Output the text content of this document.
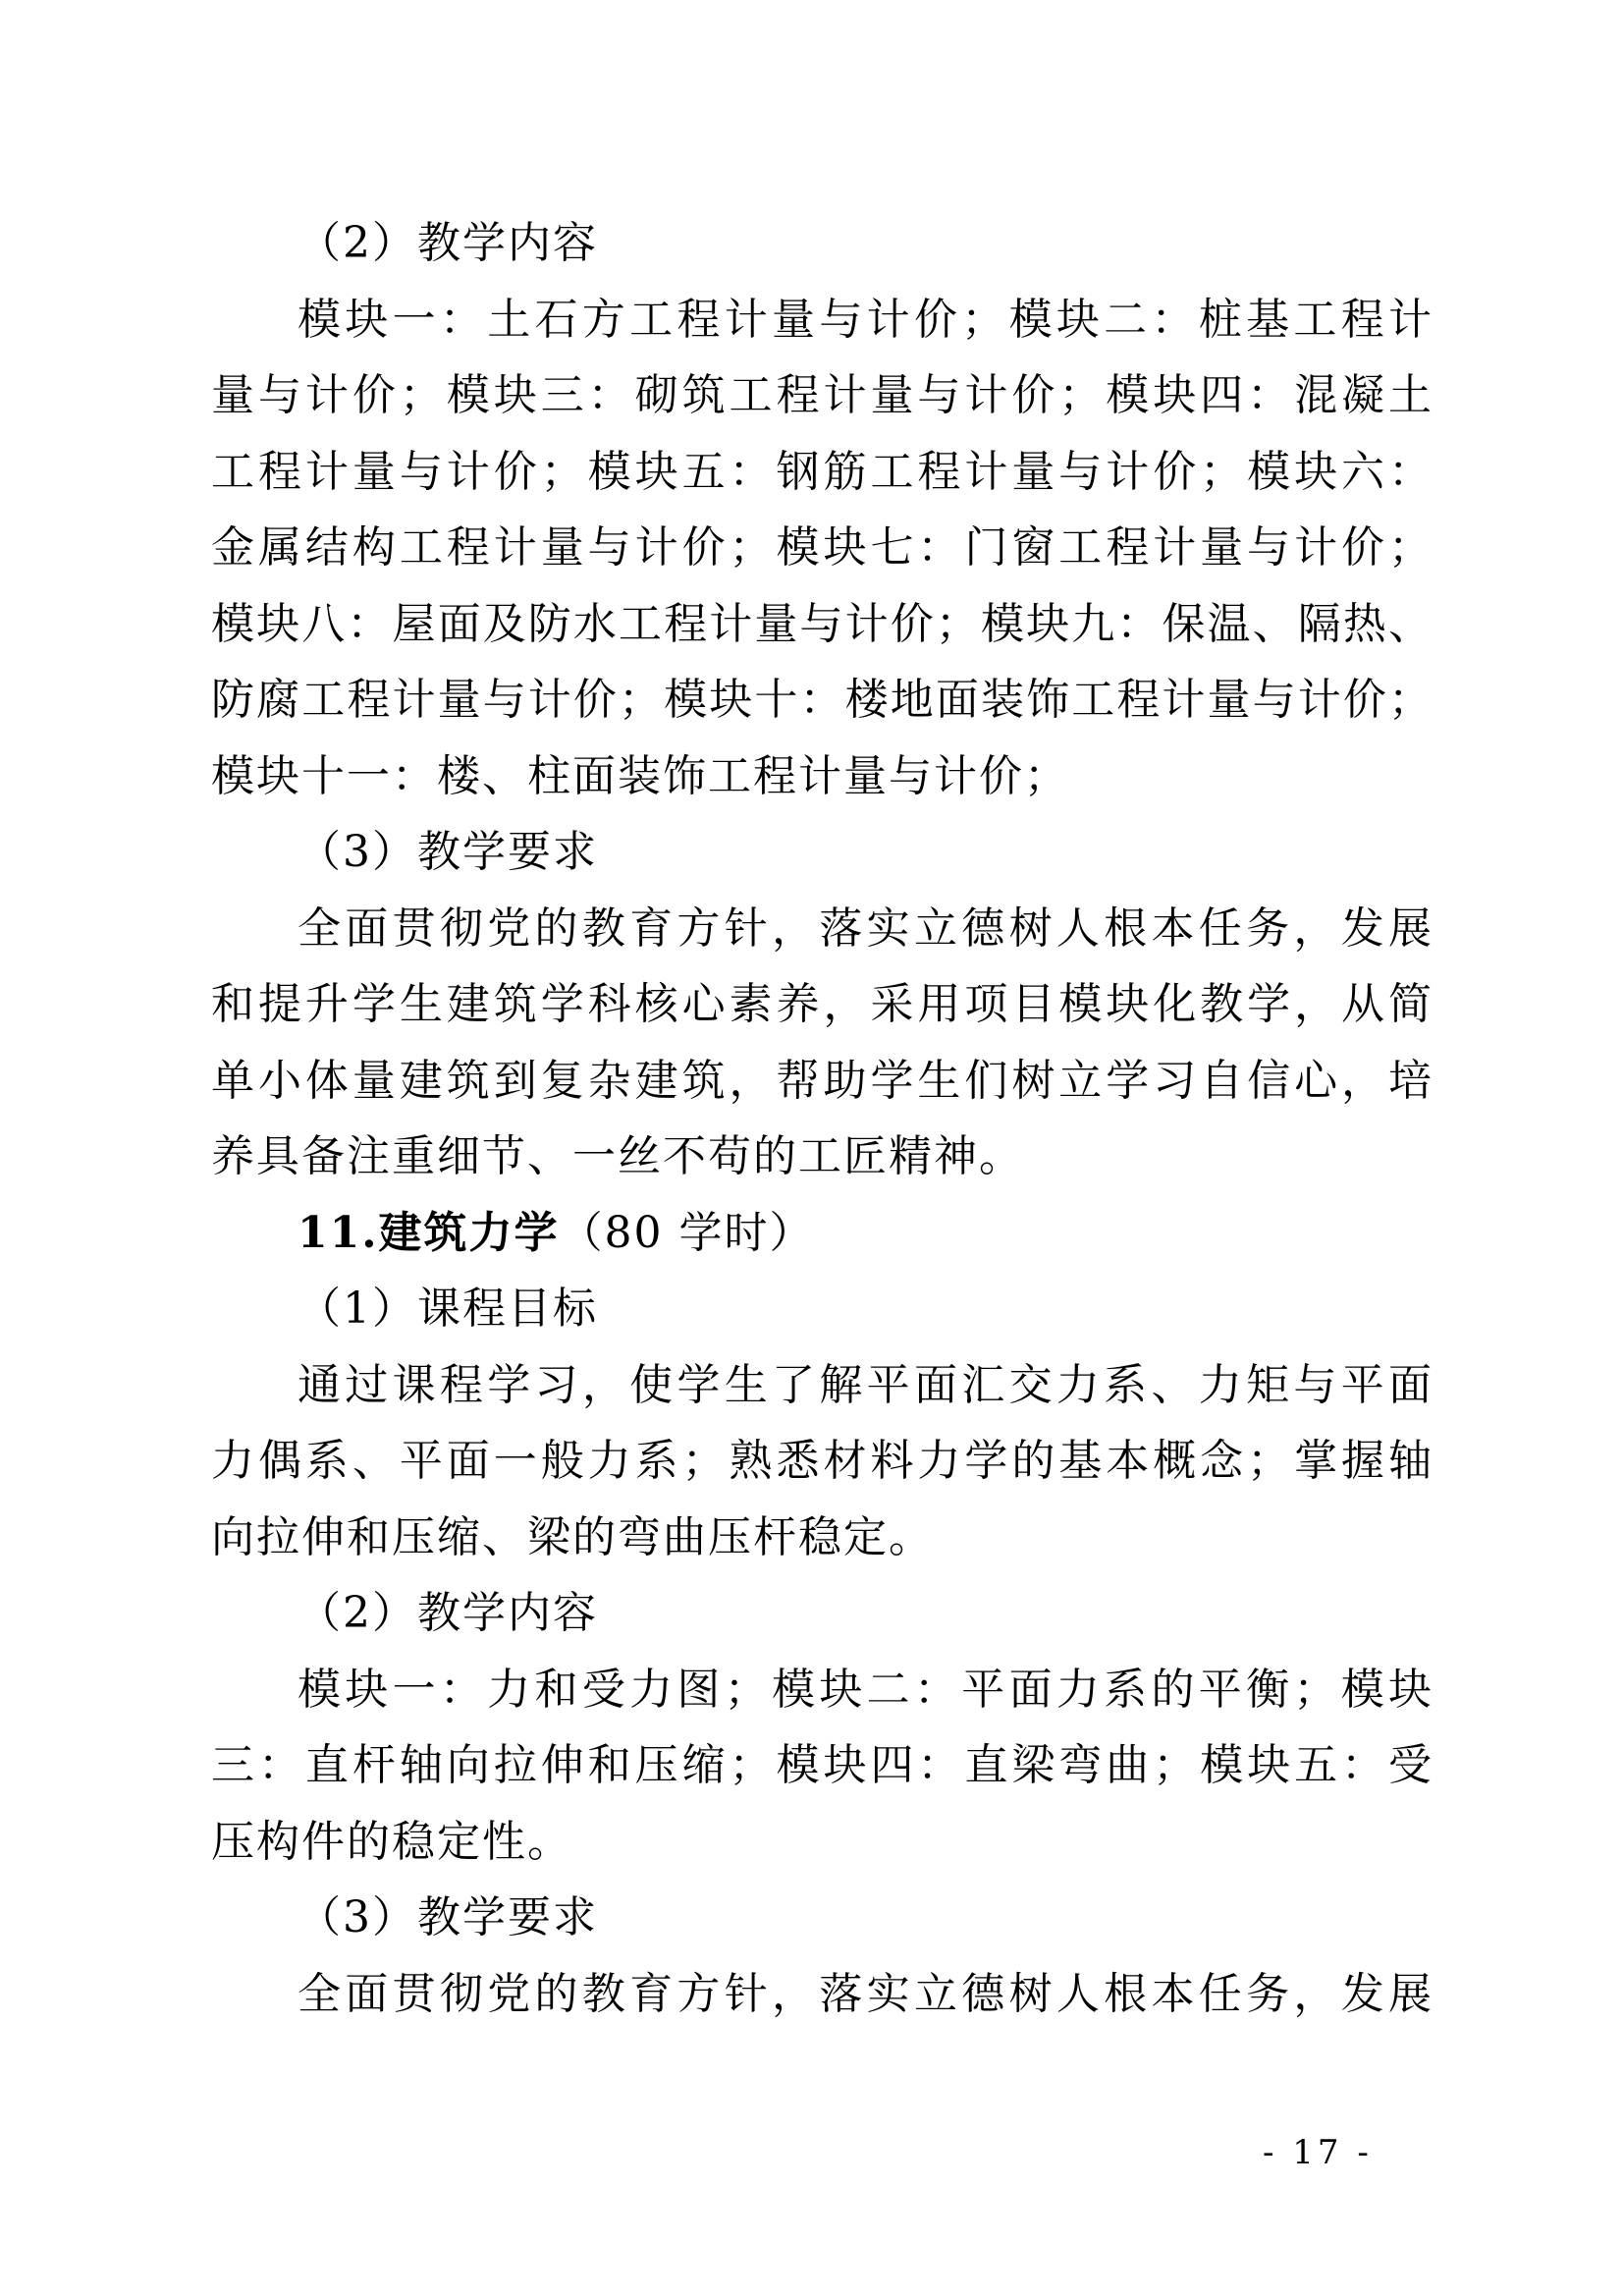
（2）教学内容
模块一：土石方工程计量与计价；模块二：桩基工程计
量与计价；模块三：砌筑工程计量与计价；模块四：混凝土
工程计量与计价；模块五：钢筋工程计量与计价；模块六：
金属结构工程计量与计价；模块七：门窗工程计量与计价；
模块八：屋面及防水工程计量与计价；模块九：保温、隔热、
防腐工程计量与计价；模块十：楼地面装饰工程计量与计价；
模块十一：楼、柱面装饰工程计量与计价；
（3）教学要求
全面贯彻党的教育方针，落实立德树人根本任务，发展
和提升学生建筑学科核心素养，采用项目模块化教学，从简
单小体量建筑到复杂建筑，帮助学生们树立学习自信心，培
养具备注重细节、一丝不苟的工匠精神。
11.建筑力学（80 学时）
（1）课程目标
通过课程学习，使学生了解平面汇交力系、力矩与平面
力偶系、平面一般力系；熟悉材料力学的基本概念；掌握轴
向拉伸和压缩、梁的弯曲压杆稳定。
（2）教学内容
模块一：力和受力图；模块二：平面力系的平衡；模块
三：直杆轴向拉伸和压缩；模块四：直梁弯曲；模块五：受
压构件的稳定性。
（3）教学要求
全面贯彻党的教育方针，落实立德树人根本任务，发展
- 17 -
